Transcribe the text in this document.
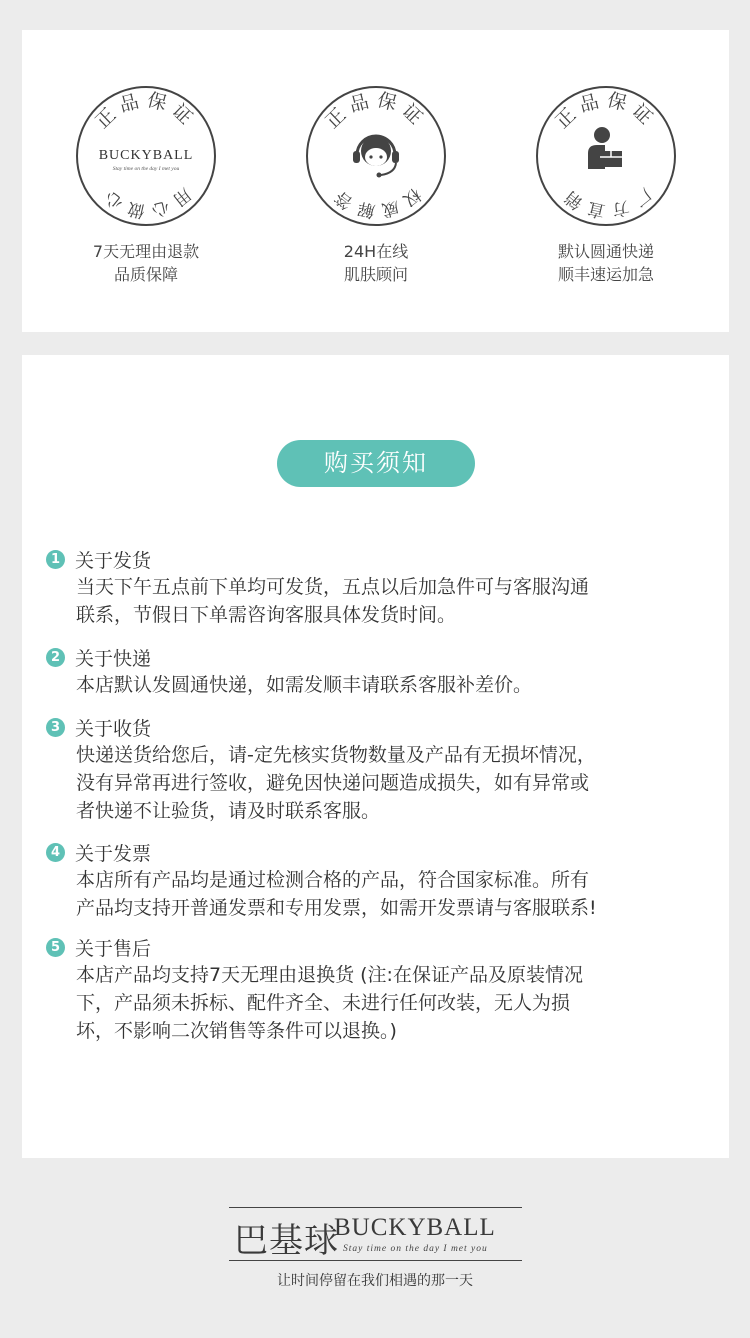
正品保证
用心做心
BUCKYBALL
Stay time on the day I met you
7天无理由退款
品质保障
正品保证
权威解答
24H在线
肌肤顾问
正品保证
厂方直销
默认圆通快递
顺丰速运加急
购买须知
1 关于发货
当天下午五点前下单均可发货，五点以后加急件可与客服沟通
联系，节假日下单需咨询客服具体发货时间。
2 关于快递
本店默认发圆通快递，如需发顺丰请联系客服补差价。
3 关于收货
快递送货给您后，请-定先核实货物数量及产品有无损坏情况，
没有异常再进行签收，避免因快递问题造成损失，如有异常或
者快递不让验货，请及时联系客服。
4 关于发票
本店所有产品均是通过检测合格的产品，符合国家标准。所有
产品均支持开普通发票和专用发票，如需开发票请与客服联系!
5 关于售后
本店产品均支持7天无理由退换货 (注:在保证产品及原装情况
下，产品须未拆标、配件齐全、未进行任何改装，无人为损
坏，不影响二次销售等条件可以退换。)
巴基球
BUCKYBALL
Stay time on the day I met you
让时间停留在我们相遇的那一天
